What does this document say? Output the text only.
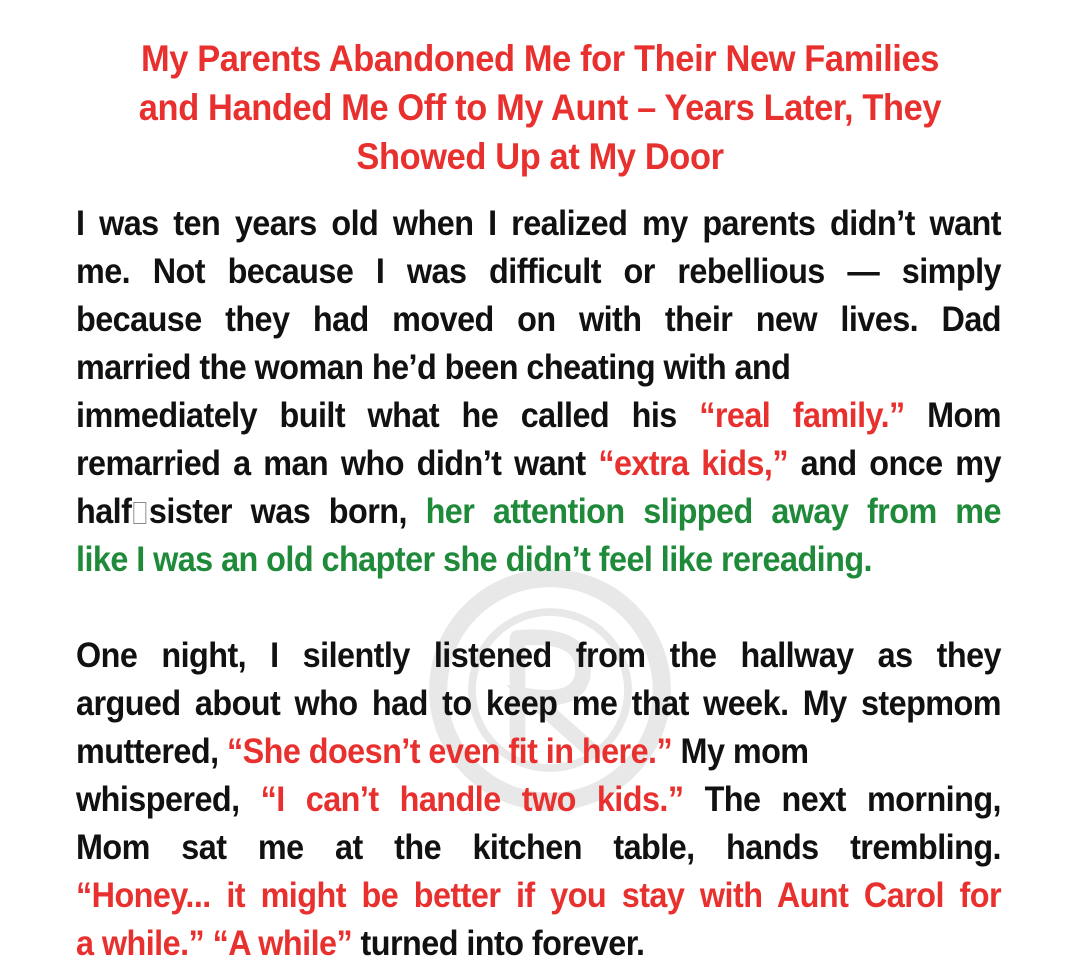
My Parents Abandoned Me for Their New Families
and Handed Me Off to My Aunt – Years Later, They
Showed Up at My Door
I was ten years old when I realized my parents didn’t want
me. Not because I was difficult or rebellious — simply
because they had moved on with their new lives. Dad
married the woman he’d been cheating with and
immediately built what he called his “real family.” Mom
remarried a man who didn’t want “extra kids,” and once my
half sister was born, her attention slipped away from me
like I was an old chapter she didn’t feel like rereading.
One night, I silently listened from the hallway as they
argued about who had to keep me that week. My stepmom
muttered, “She doesn’t even fit in here.” My mom
whispered, “I can’t handle two kids.” The next morning,
Mom sat me at the kitchen table, hands trembling.
“Honey... it might be better if you stay with Aunt Carol for
a while.” “A while” turned into forever.
